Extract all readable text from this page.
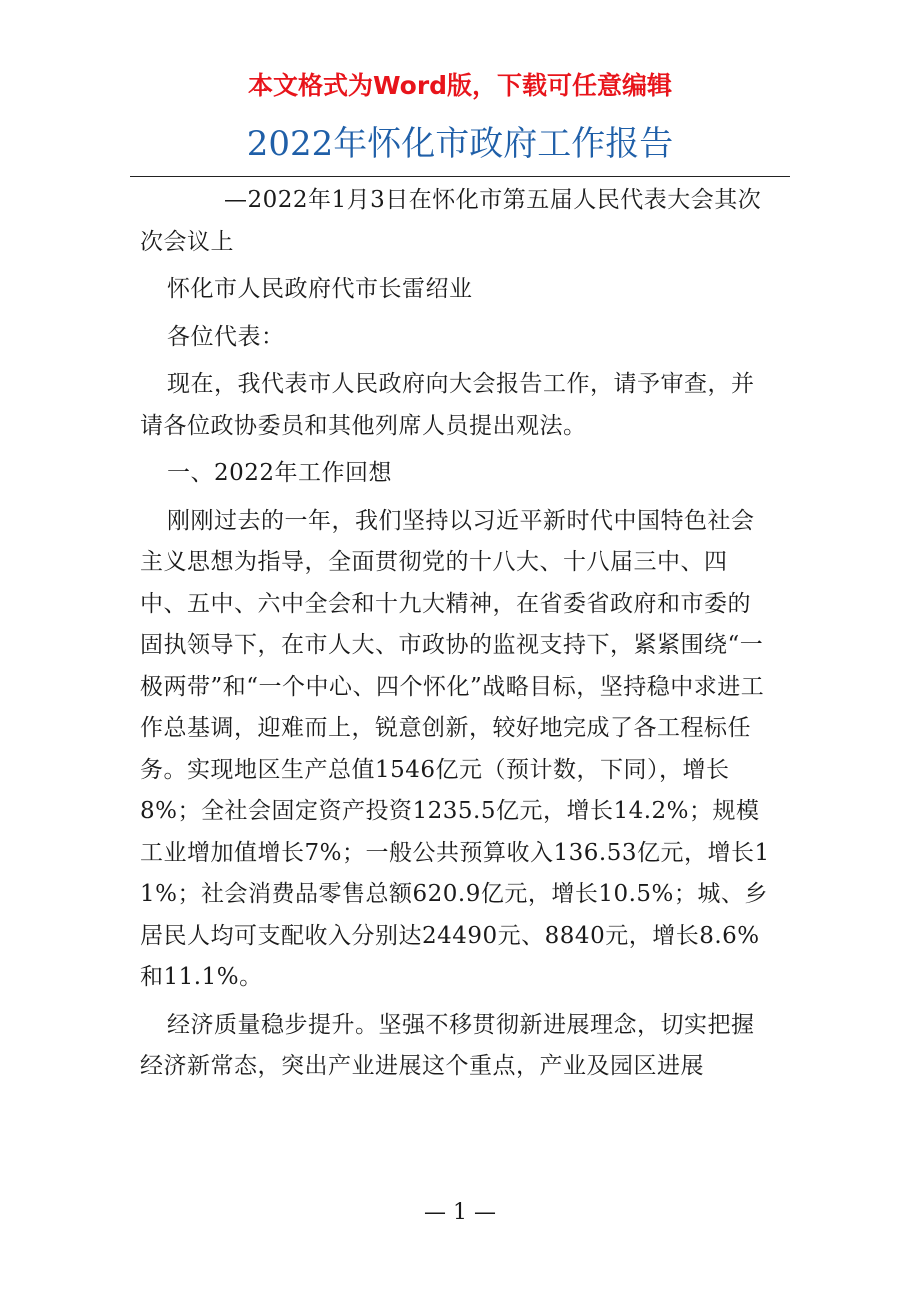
本文格式为Word版，下载可任意编辑
2022年怀化市政府工作报告

—2022年1月3日在怀化市第五届人民代表大会其次次会议上

怀化市人民政府代市长雷绍业

各位代表：

现在，我代表市人民政府向大会报告工作，请予审查，并请各位政协委员和其他列席人员提出观法。

一、2022年工作回想

刚刚过去的一年，我们坚持以习近平新时代中国特色社会主义思想为指导，全面贯彻党的十八大、十八届三中、四中、五中、六中全会和十九大精神，在省委省政府和市委的固执领导下，在市人大、市政协的监视支持下，紧紧围绕“一极两带”和“一个中心、四个怀化”战略目标，坚持稳中求进工作总基调，迎难而上，锐意创新，较好地完成了各工程标任务。实现地区生产总值1546亿元（预计数，下同），增长8%；全社会固定资产投资1235.5亿元，增长14.2%；规模工业增加值增长7%；一般公共预算收入136.53亿元，增长11%；社会消费品零售总额620.9亿元，增长10.5%；城、乡居民人均可支配收入分别达24490元、8840元，增长8.6%和11.1%。

经济质量稳步提升。坚强不移贯彻新进展理念，切实把握经济新常态，突出产业进展这个重点，产业及园区进展

— 1 —
